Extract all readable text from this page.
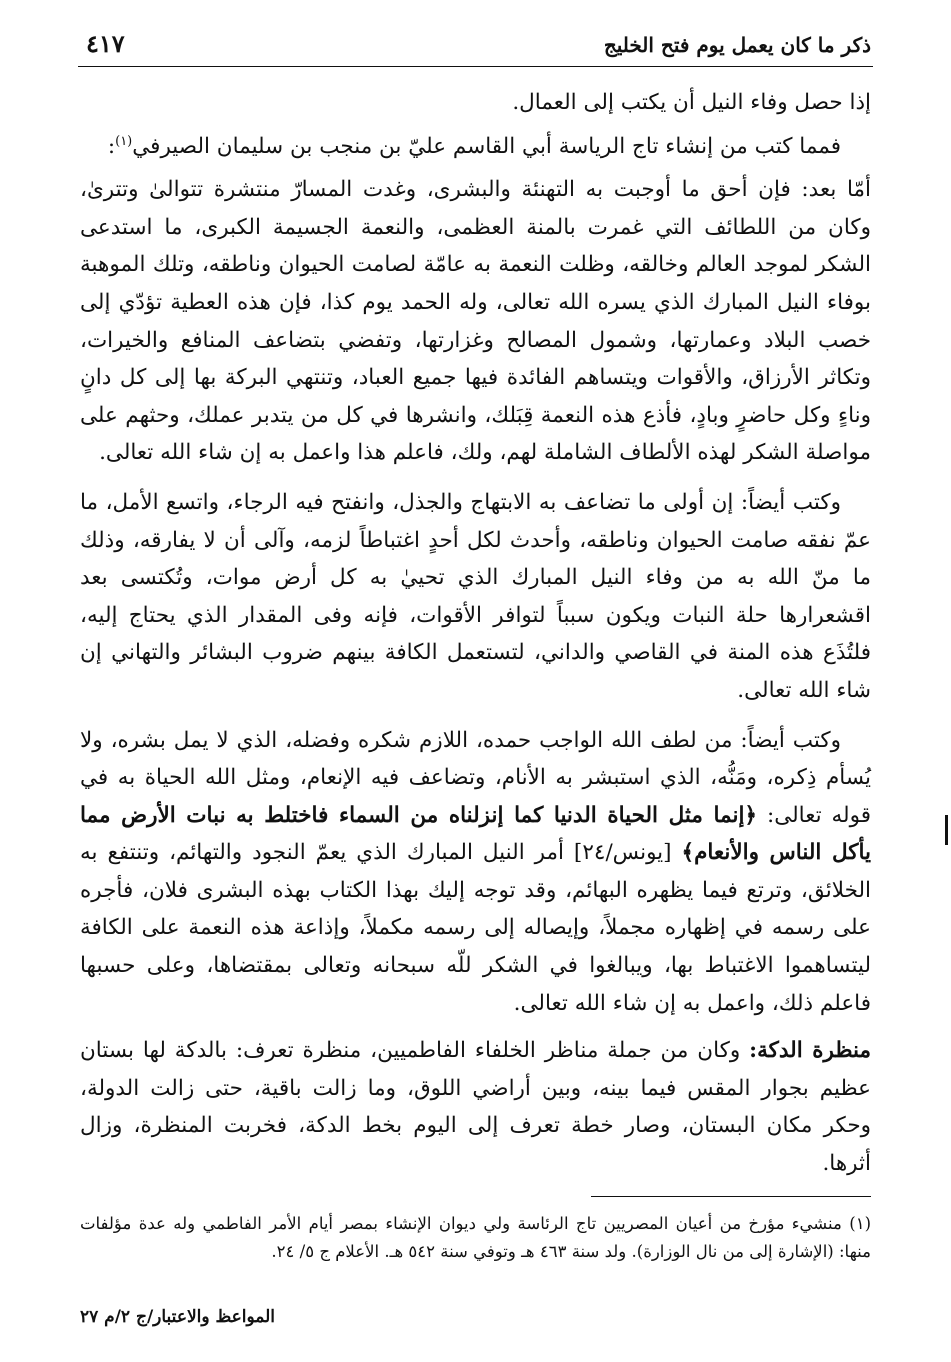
ذكر ما كان يعمل يوم فتح الخليج
٤١٧

إذا حصل وفاء النيل أن يكتب إلى العمال.

فمما كتب من إنشاء تاج الرياسة أبي القاسم عليّ بن منجب بن سليمان الصيرفي$^{(١)}$:

أمّا بعد: فإن أحق ما أوجبت به التهنئة والبشرى، وغدت المسارّ منتشرة تتوالىٰ وتترىٰ، وكان من اللطائف التي غمرت بالمنة العظمى، والنعمة الجسيمة الكبرى، ما استدعى الشكر لموجد العالم وخالقه، وظلت النعمة به عامّة لصامت الحيوان وناطقه، وتلك الموهبة بوفاء النيل المبارك الذي يسره الله تعالى، وله الحمد يوم كذا، فإن هذه العطية تؤدّي إلى خصب البلاد وعمارتها، وشمول المصالح وغزارتها، وتفضي بتضاعف المنافع والخيرات، وتكاثر الأرزاق، والأقوات ويتساهم الفائدة فيها جميع العباد، وتنتهي البركة بها إلى كل دانٍ وناءٍ وكل حاضرٍ وبادٍ، فأذع هذه النعمة قِبَلك، وانشرها في كل من يتدبر عملك، وحثهم على مواصلة الشكر لهذه الألطاف الشاملة لهم، ولك، فاعلم هذا واعمل به إن شاء الله تعالى.

وكتب أيضاً: إن أولى ما تضاعف به الابتهاج والجذل، وانفتح فيه الرجاء، واتسع الأمل، ما عمّ نفقه صامت الحيوان وناطقه، وأحدث لكل أحدٍ اغتباطاً لزمه، وآلى أن لا يفارقه، وذلك ما منّ الله به من وفاء النيل المبارك الذي تحييٰ به كل أرض موات، وتُكتسى بعد اقشعرارها حلة النبات ويكون سبباً لتوافر الأقوات، فإنه وفى المقدار الذي يحتاج إليه، فلتُذَع هذه المنة في القاصي والداني، لتستعمل الكافة بينهم ضروب البشائر والتهاني إن شاء الله تعالى.

وكتب أيضاً: من لطف الله الواجب حمده، اللازم شكره وفضله، الذي لا يمل بشره، ولا يُسأم ذِكره، ومَنُّه، الذي استبشر به الأنام، وتضاعف فيه الإنعام، ومثل الله الحياة به في قوله تعالى: ﴿إنما مثل الحياة الدنيا كما إنزلناه من السماء فاختلط به نبات الأرض مما يأكل الناس والأنعام﴾ [يونس/٢٤] أمر النيل المبارك الذي يعمّ النجود والتهائم، وتنتفع به الخلائق، وترتع فيما يظهره البهائم، وقد توجه إليك بهذا الكتاب بهذه البشرى فلان، فأجره على رسمه في إظهاره مجملاً، وإيصاله إلى رسمه مكملاً، وإذاعة هذه النعمة على الكافة ليتساهموا الاغتباط بها، ويبالغوا في الشكر للّه سبحانه وتعالى بمقتضاها، وعلى حسبها فاعلم ذلك، واعمل به إن شاء الله تعالى.

منظرة الدكة: وكان من جملة مناظر الخلفاء الفاطميين، منظرة تعرف: بالدكة لها بستان عظيم بجوار المقس فيما بينه، وبين أراضي اللوق، وما زالت باقية، حتى زالت الدولة، وحكر مكان البستان، وصار خطة تعرف إلى اليوم بخط الدكة، فخربت المنظرة، وزال أثرها.

(١) منشيء مؤرخ من أعيان المصريين تاج الرئاسة ولي ديوان الإنشاء بمصر أيام الأمر الفاطمي وله عدة مؤلفات منها: (الإشارة إلى من نال الوزارة). ولد سنة ٤٦٣ هـ وتوفي سنة ٥٤٢ هـ. الأعلام ج ٥/ ٢٤.
المواعظ والاعتبار/ج ٢/م ٢٧
